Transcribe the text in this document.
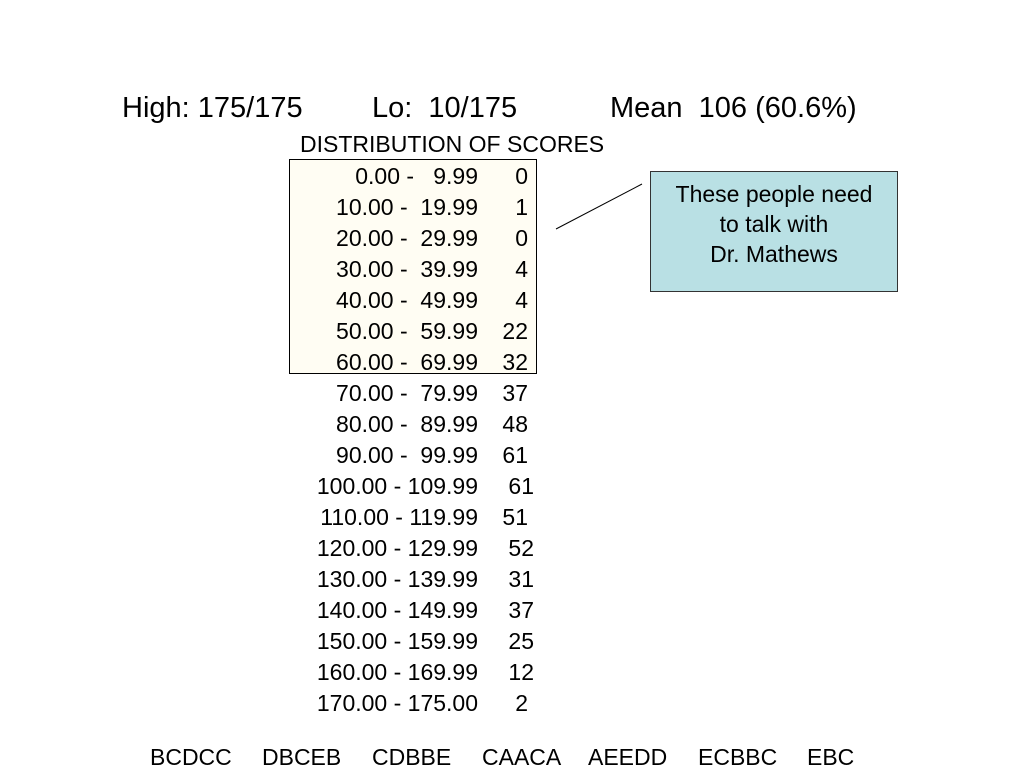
High: 175/175 Lo:  10/175	Mean  106 (60.6%)
DISTRIBUTION OF SCORES
0.00 -   9.99	0
10.00 -  19.99	1
20.00 -  29.99	0
30.00 -  39.99	4
40.00 -  49.99	4
50.00 -  59.99	22
60.00 -  69.99	32
70.00 -  79.99	37
80.00 -  89.99	48
90.00 -  99.99	61
100.00 - 109.99	61
110.00 - 119.99	51
120.00 - 129.99	52
130.00 - 139.99	31
140.00 - 149.99	37
150.00 - 159.99	25
160.00 - 169.99	12
170.00 - 175.00	2
These people need
to talk with
Dr. Mathews
BCDCC DBCEB CDBBE CAACA AEEDD ECBBC EBC
